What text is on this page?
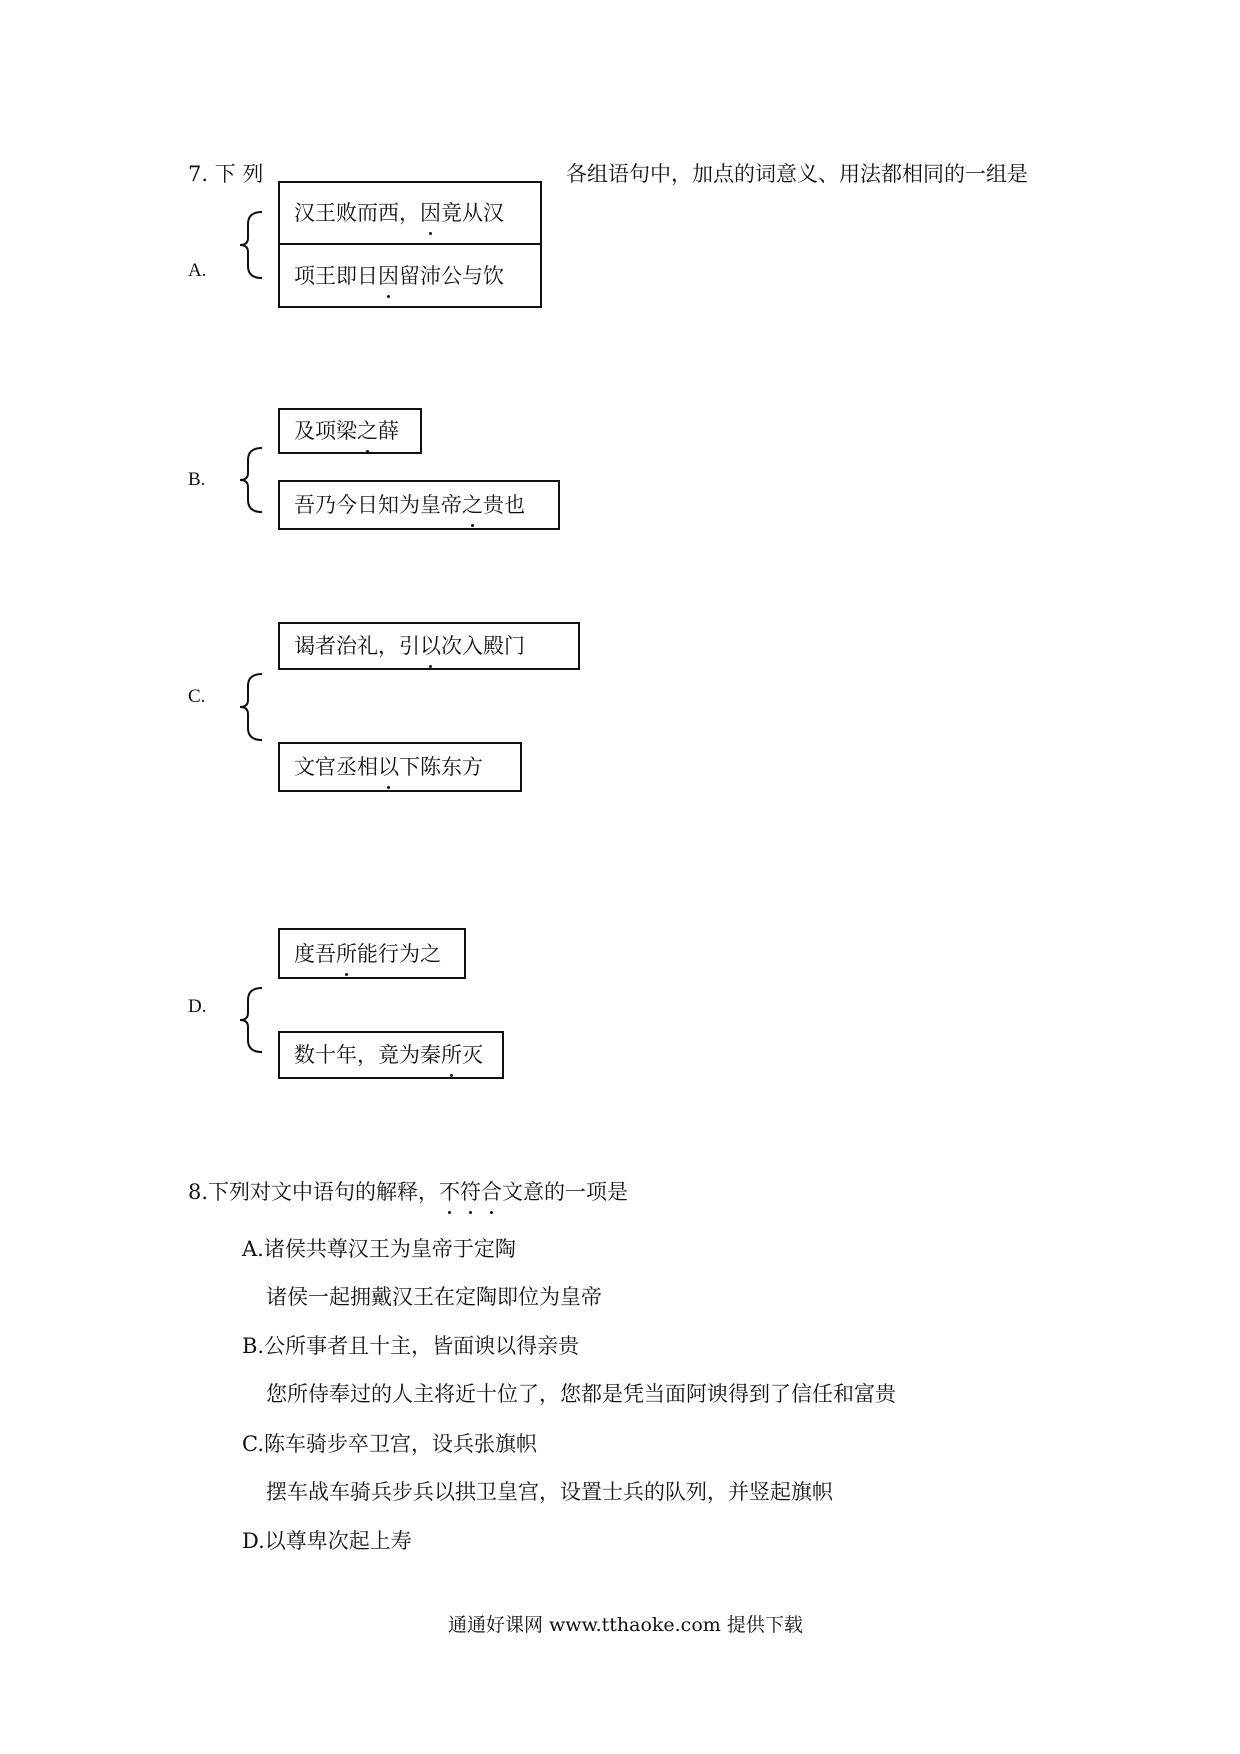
7. 下 列	各组语句中，加点的词意义、用法都相同的一组是
A.
汉王败而西， 因 竟从汉
项王即日 因 留沛公与饮
B.
及项梁 之 薛
吾乃今日知为皇帝 之 贵也
C.
谒者治礼，引 以 次入殿门
文官丞相 以 下陈东方
D.
度吾 所 能行为之
数十年，竟为秦 所 灭
8.下列对文中语句的解释，不符合文意的一项是
A.诸侯共尊汉王为皇帝于定陶
诸侯一起拥戴汉王在定陶即位为皇帝
B.公所事者且十主，皆面谀以得亲贵
您所侍奉过的人主将近十位了，您都是凭当面阿谀得到了信任和富贵
C.陈车骑步卒卫宫，设兵张旗帜
摆车战车骑兵步兵以拱卫皇宫，设置士兵的队列，并竖起旗帜
D.以尊卑次起上寿
通通好课网 www.tthaoke.com 提供下载
